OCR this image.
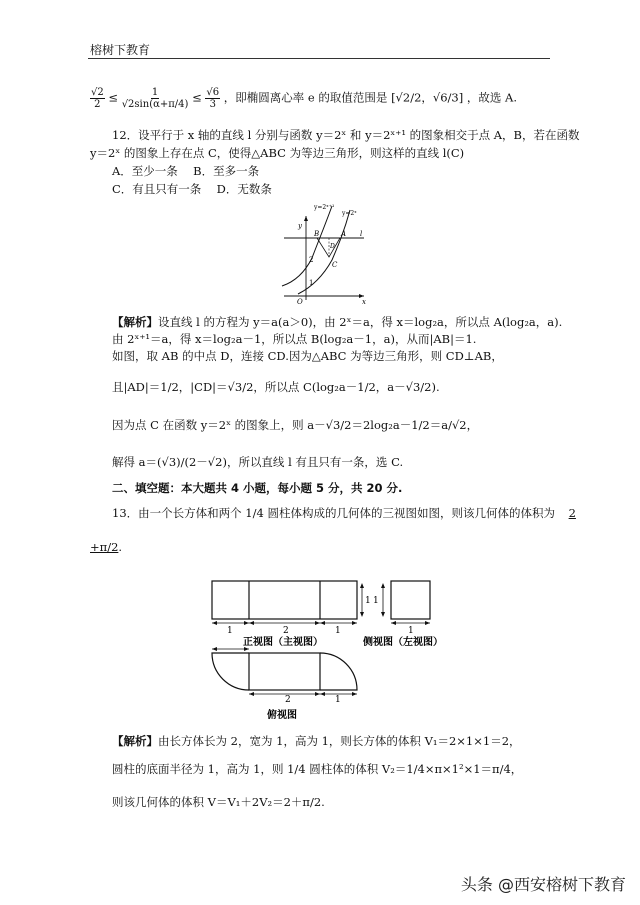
榕树下教育
$\frac{√2}{2} \le \frac{1}{√2\sin(\alpha+\pi/4)} \le \frac{√6}{3}$ ，即椭圆离心率 e 的取值范围是 [√2/2，√6/3] ，故选 A.
12．设平行于 x 轴的直线 l 分别与函数 y＝2ˣ 和 y＝2ˣ⁺¹ 的图象相交于点 A，B，若在函数
y＝2ˣ 的图象上存在点 C，使得△ABC 为等边三角形，则这样的直线 l(C)
A．至少一条 B．至多一条
C．有且只有一条 D．无数条
y=2ˣ⁺¹
y=2ˣ
y
x
O
B	A
D
C
2
1
l
【解析】设直线 l 的方程为 y＝a(a＞0)，由 2ˣ＝a，得 x＝log₂a，所以点 A(log₂a，a).
由 2ˣ⁺¹＝a，得 x＝log₂a－1，所以点 B(log₂a－1，a)，从而|AB|＝1.
如图，取 AB 的中点 D，连接 CD.因为△ABC 为等边三角形，则 CD⊥AB，
且|AD|＝1/2，|CD|＝√3/2，所以点 C(log₂a－1/2，a－√3/2).
因为点 C 在函数 y＝2ˣ 的图象上，则 a－√3/2＝2log₂a－1/2＝a/√2，
解得 a＝(√3)/(2－√2)，所以直线 l 有且只有一条，选 C.
二、填空题：本大题共 4 小题，每小题 5 分，共 20 分.
13．由一个长方体和两个 1/4 圆柱体构成的几何体的三视图如图，则该几何体的体积为 2
+π/2.
1
1	2	1
正视图（主视图）
1
1
侧视图（左视图）
2	1
俯视图
【解析】由长方体长为 2，宽为 1，高为 1，则长方体的体积 V₁＝2×1×1＝2，
圆柱的底面半径为 1，高为 1，则 1/4 圆柱体的体积 V₂＝1/4×π×1²×1＝π/4，
则该几何体的体积 V＝V₁＋2V₂＝2＋π/2.
头条 @西安榕树下教育
